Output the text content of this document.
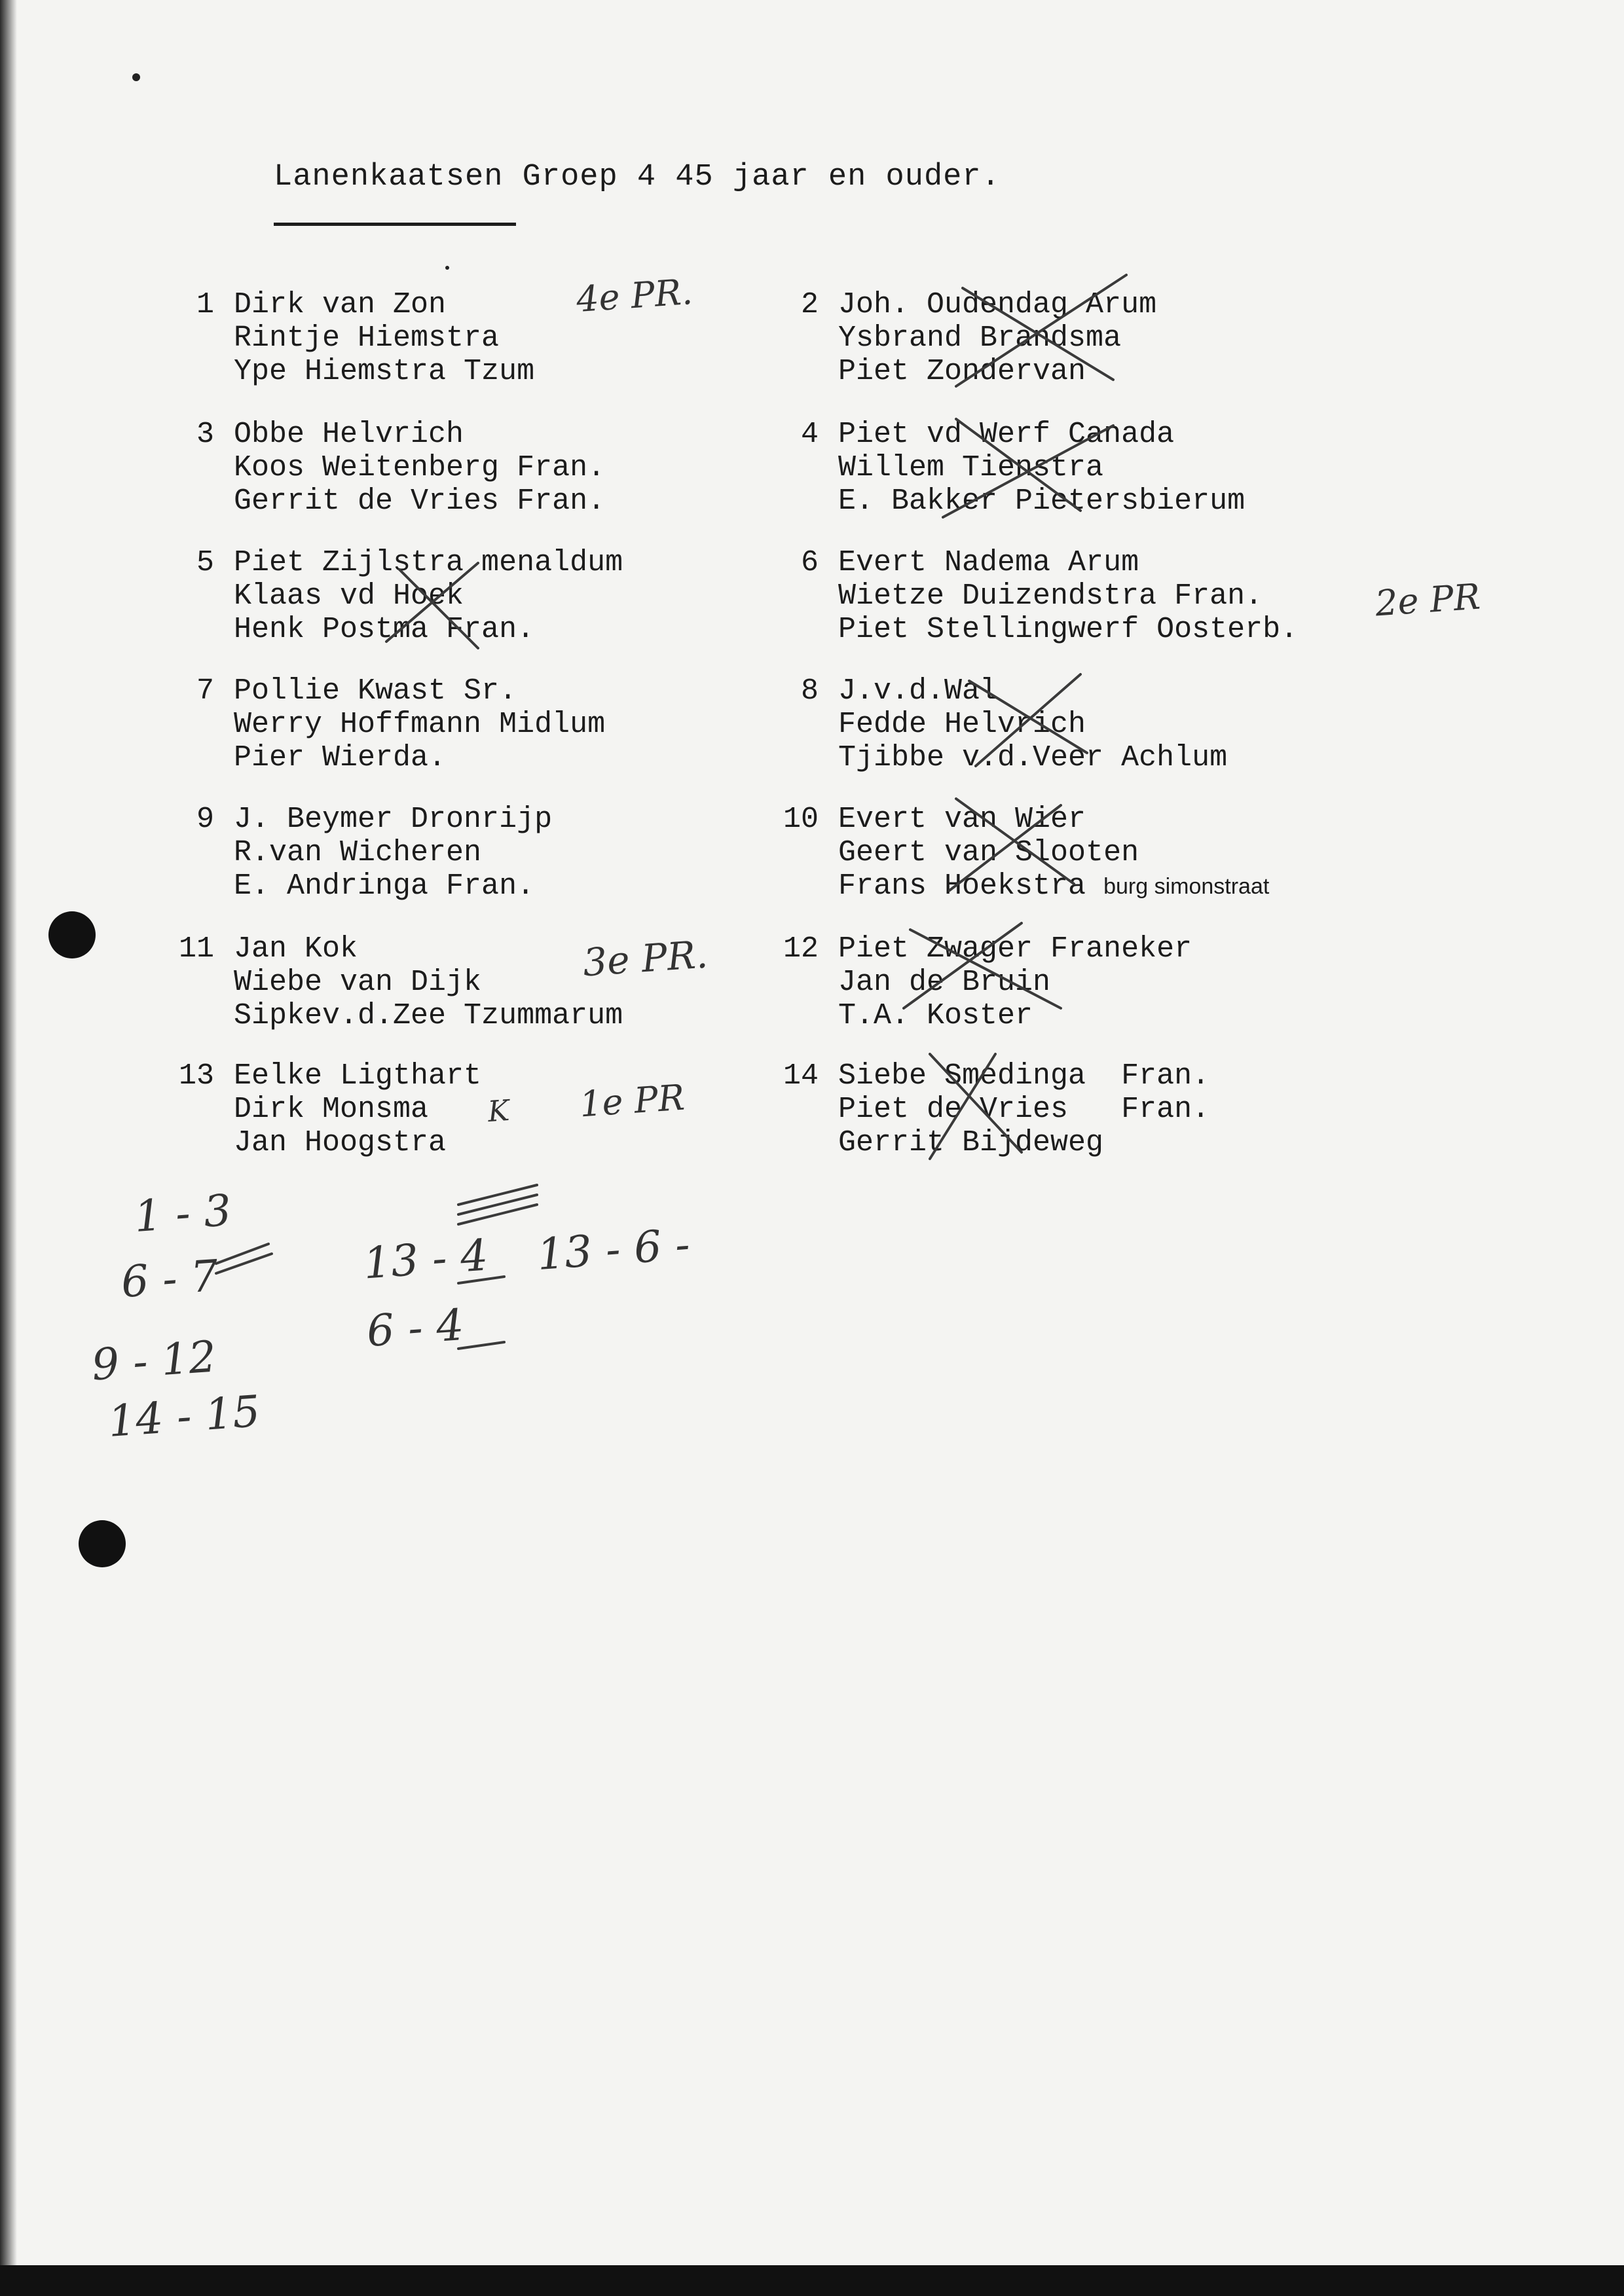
Lanenkaatsen Groep 4 45 jaar en ouder.
1 Dirk van Zon
Rintje Hiemstra
Ype Hiemstra Tzum
2 Joh. Oudendag Arum
Ysbrand Brandsma
Piet Zondervan
3 Obbe Helvrich
Koos Weitenberg Fran.
Gerrit de Vries Fran.
4 Piet vd Werf Canada
Willem Tienstra
E. Bakker Pietersbierum
5 Piet Zijlstra menaldum
Klaas vd Hoek
Henk Postma Fran.
6 Evert Nadema Arum
Wietze Duizendstra Fran.
Piet Stellingwerf Oosterb.
7 Pollie Kwast Sr.
Werry Hoffmann Midlum
Pier Wierda.
8 J.v.d.Wal
Fedde Helvrich
Tjibbe v.d.Veer Achlum
9 J. Beymer Dronrijp
R.van Wicheren
E. Andringa Fran.
10 Evert van Wier
Geert van Slooten
Frans Hoekstra burg simonstraat
11 Jan Kok
Wiebe van Dijk
Sipkev.d.Zee Tzummarum
12 Piet Zwager Franeker
Jan de Bruin
T.A. Koster
13 Eelke Ligthart
Dirk Monsma
Jan Hoogstra
14 Siebe Smedinga  Fran.
Piet de Vries   Fran.
Gerrit Bijdeweg
4e PR.
2e PR
3e PR.
1e PR
K
1 - 3
6 - 7
9 - 12
14 - 15
13 - 4
6 - 4
13 - 6 -
